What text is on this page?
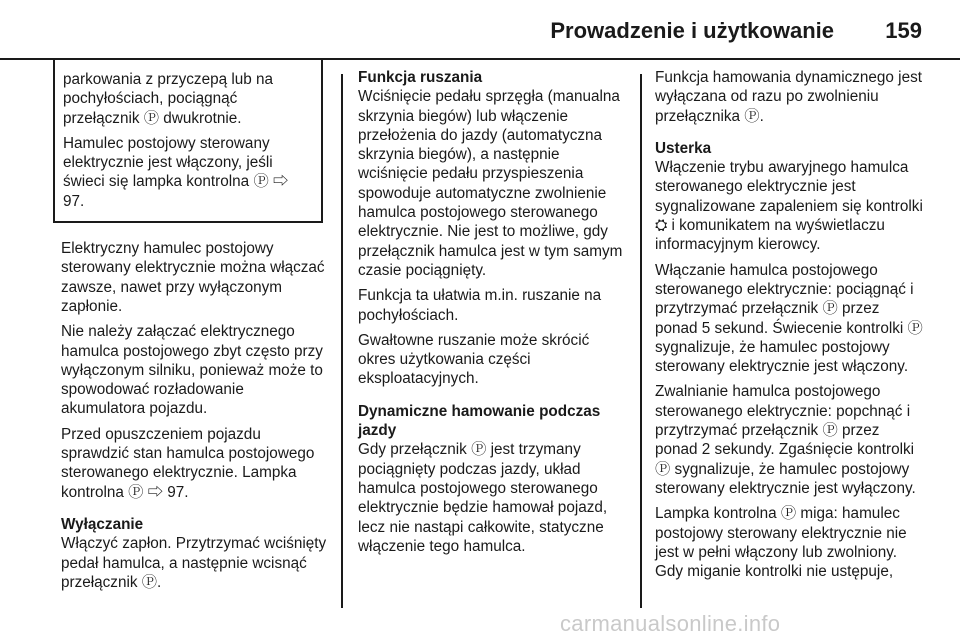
Prowadzenie i użytkowanie 159

parkowania z przyczepą lub na pochyłościach, pociągnąć przełącznik Ⓟ dwukrotnie.

Hamulec postojowy sterowany elektrycznie jest włączony, jeśli świeci się lampka kontrolna Ⓟ ⇨ 97.

Elektryczny hamulec postojowy sterowany elektrycznie można włączać zawsze, nawet przy wyłączonym zapłonie.

Nie należy załączać elektrycznego hamulca postojowego zbyt często przy wyłączonym silniku, ponieważ może to spowodować rozładowanie akumulatora pojazdu.

Przed opuszczeniem pojazdu sprawdzić stan hamulca postojowego sterowanego elektrycznie. Lampka kontrolna Ⓟ ⇨ 97.

Wyłączanie

Włączyć zapłon. Przytrzymać wciśnięty pedał hamulca, a następnie wcisnąć przełącznik Ⓟ.

Funkcja ruszania

Wciśnięcie pedału sprzęgła (manualna skrzynia biegów) lub włączenie przełożenia do jazdy (automatyczna skrzynia biegów), a następnie wciśnięcie pedału przyspieszenia spowoduje automatyczne zwolnienie hamulca postojowego sterowanego elektrycznie. Nie jest to możliwe, gdy przełącznik hamulca jest w tym samym czasie pociągnięty.

Funkcja ta ułatwia m.in. ruszanie na pochyłościach.

Gwałtowne ruszanie może skrócić okres użytkowania części eksploatacyjnych.

Dynamiczne hamowanie podczas jazdy

Gdy przełącznik Ⓟ jest trzymany pociągnięty podczas jazdy, układ hamulca postojowego sterowanego elektrycznie będzie hamował pojazd, lecz nie nastąpi całkowite, statyczne włączenie tego hamulca.

Funkcja hamowania dynamicznego jest wyłączana od razu po zwolnieniu przełącznika Ⓟ.

Usterka

Włączenie trybu awaryjnego hamulca sterowanego elektrycznie jest sygnalizowane zapaleniem się kontrolki ⛭ i komunikatem na wyświetlaczu informacyjnym kierowcy.

Włączanie hamulca postojowego sterowanego elektrycznie: pociągnąć i przytrzymać przełącznik Ⓟ przez ponad 5 sekund. Świecenie kontrolki Ⓟ sygnalizuje, że hamulec postojowy sterowany elektrycznie jest włączony.

Zwalnianie hamulca postojowego sterowanego elektrycznie: popchnąć i przytrzymać przełącznik Ⓟ przez ponad 2 sekundy. Zgaśnięcie kontrolki Ⓟ sygnalizuje, że hamulec postojowy sterowany elektrycznie jest wyłączony.

Lampka kontrolna Ⓟ miga: hamulec postojowy sterowany elektrycznie nie jest w pełni włączony lub zwolniony. Gdy miganie kontrolki nie ustępuje,

carmanualsonline.info
